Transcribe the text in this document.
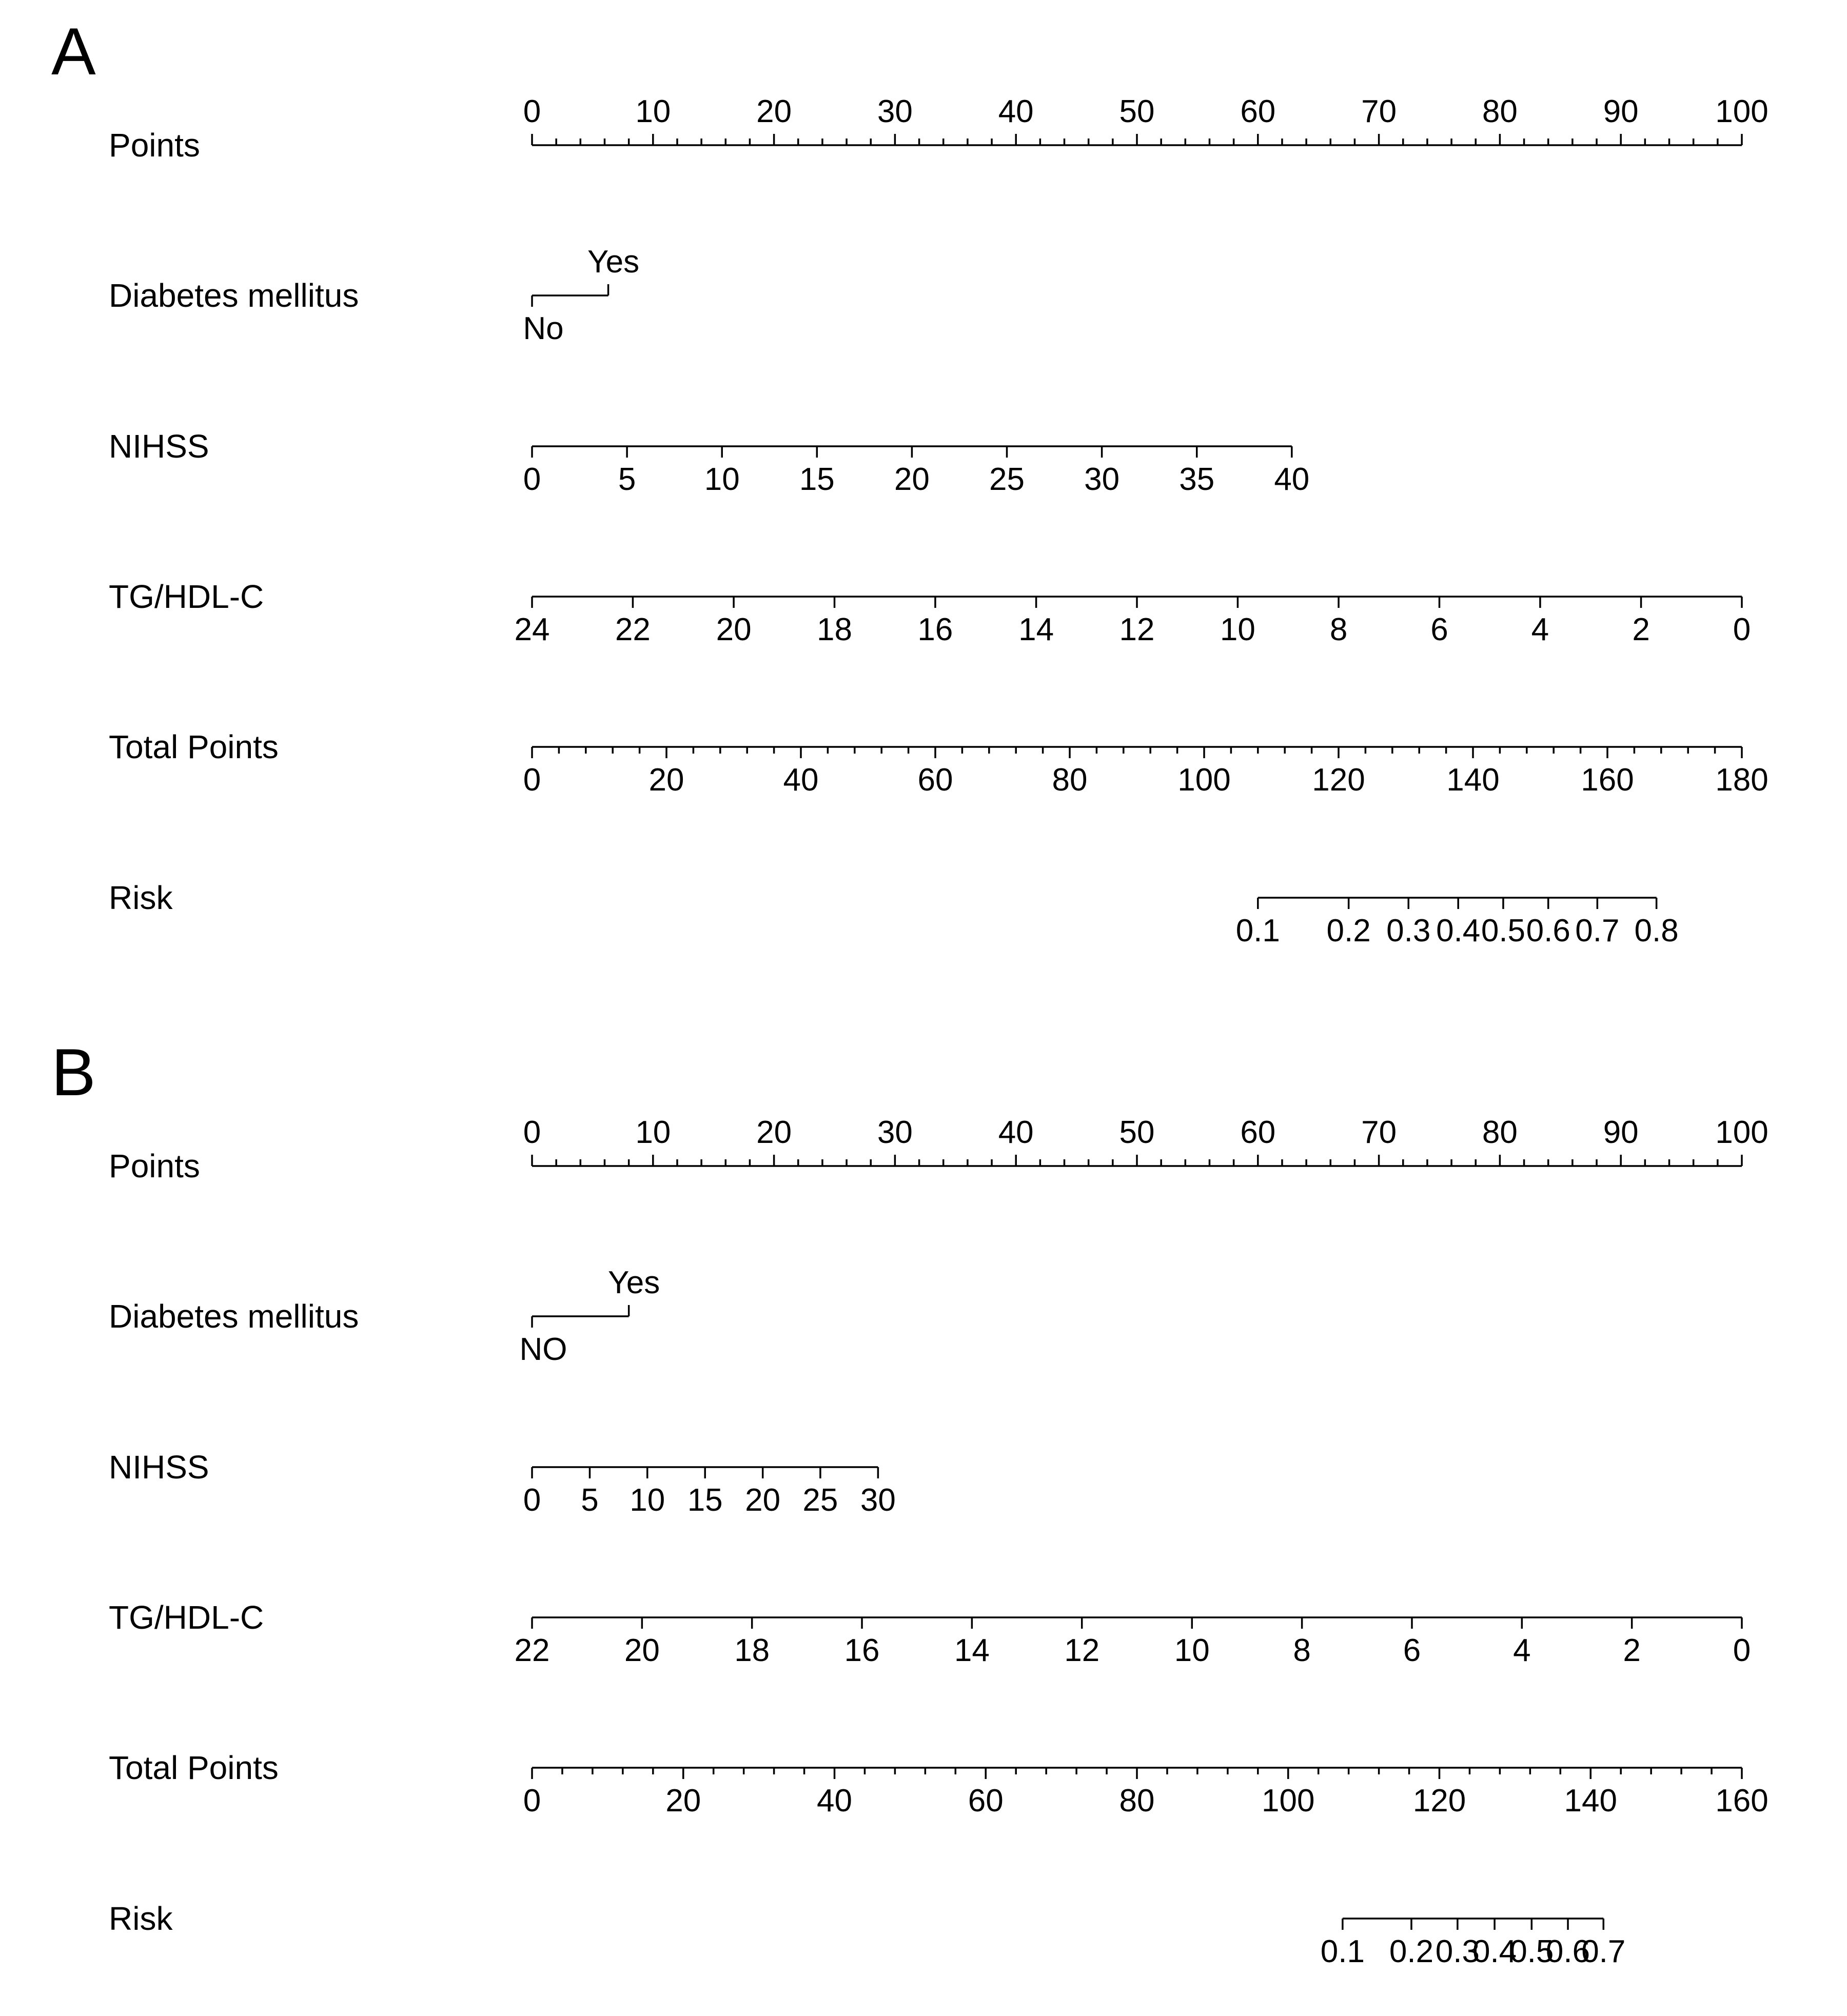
A
Points
0	10	20	30	40	50	60	70	80	90 100
Diabetes mellitus
No
Yes
NIHSS
0 5 10 15 20 25 30 35 40
TG/HDL-C
24 22 20 18 16 14 12 10 8	6	4	2	0
Total Points
0	20	40	60	80	100	120	140	160	180
Risk
0.1 0.2 0.3 0.4 0.5 0.6 0.7 0.8
B
Points
0	10	20	30	40	50	60	70	80	90 100
Diabetes mellitus
NO
Yes
NIHSS
0 5 10 15 20 25 30
TG/HDL-C
22 20 18 16 14 12 10	8	6	4	2	0
Total Points
0	20	40	60	80	100	120	140	160
Risk
0.1 0.2 0.3
0.4
0.5
0.6
0.7
